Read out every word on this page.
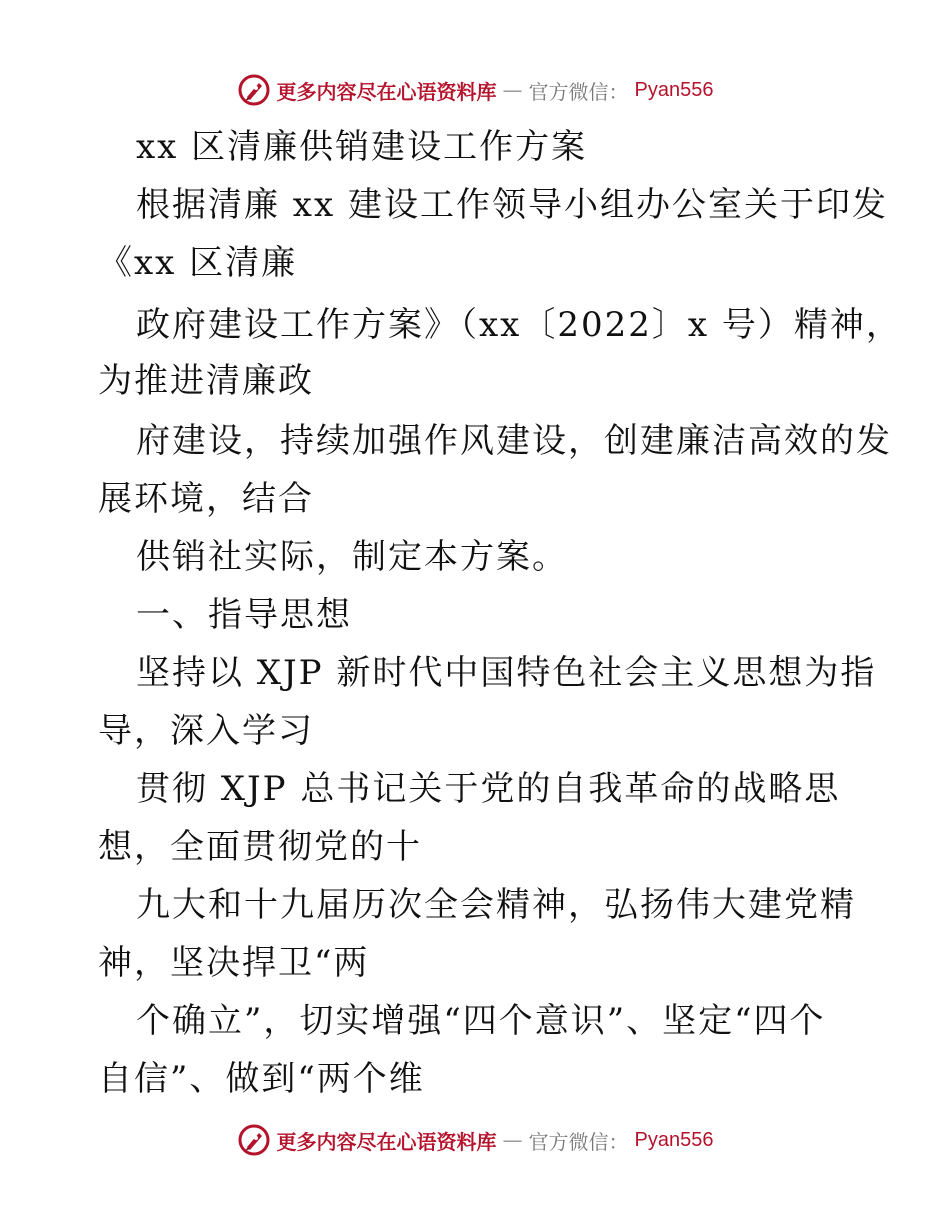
更多内容尽在心语资料库 — 官方微信： Pyan556
xx 区清廉供销建设工作方案
根据清廉 xx 建设工作领导小组办公室关于印发
《xx 区清廉
政府建设工作方案》（xx〔2022〕x 号）精神，
为推进清廉政
府建设，持续加强作风建设，创建廉洁高效的发
展环境，结合
供销社实际，制定本方案。
一、指导思想
坚持以 XJP 新时代中国特色社会主义思想为指
导，深入学习
贯彻 XJP 总书记关于党的自我革命的战略思
想，全面贯彻党的十
九大和十九届历次全会精神，弘扬伟大建党精
神，坚决捍卫“两
个确立”，切实增强“四个意识”、坚定“四个
自信”、做到“两个维
更多内容尽在心语资料库 — 官方微信： Pyan556
